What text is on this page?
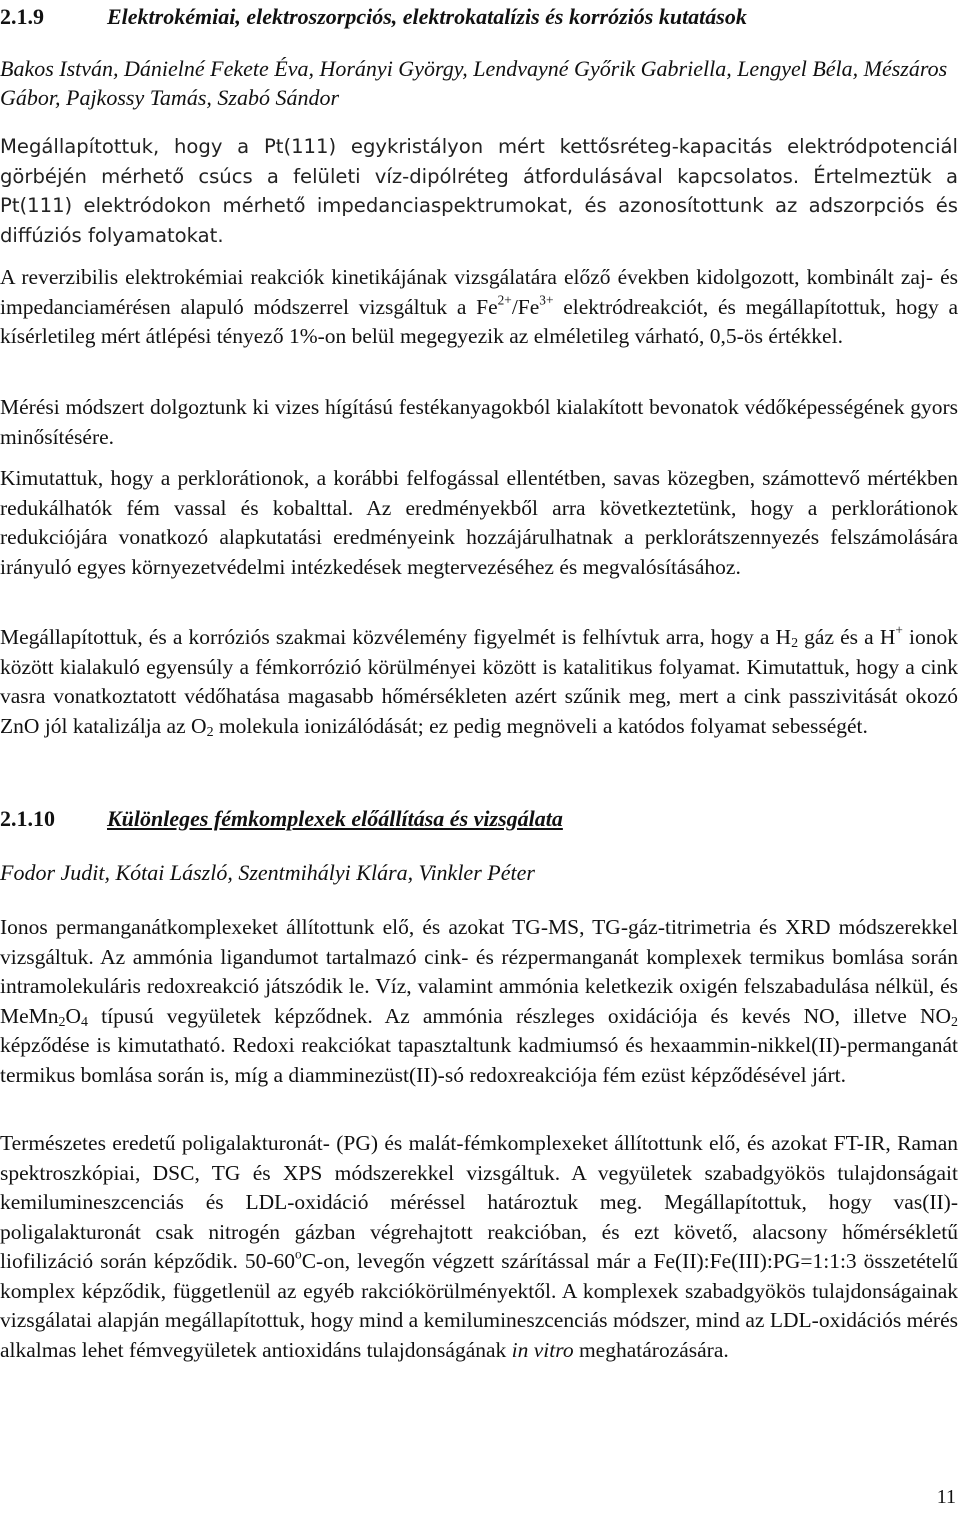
2.1.9	Elektrokémiai, elektroszorpciós, elektrokatalízis és korróziós kutatások
Bakos István, Dánielné Fekete Éva, Horányi György, Lendvayné Győrik Gabriella, Lengyel Béla, Mészáros Gábor, Pajkossy Tamás, Szabó Sándor
Megállapítottuk, hogy a Pt(111) egykristályon mért kettősréteg-kapacitás elektródpotenciál görbéjén mérhető csúcs a felületi víz-dipólréteg átfordulásával kapcsolatos. Értelmeztük a Pt(111) elektródokon mérhető impedanciaspektrumokat, és azonosítottunk az adszorpciós és diffúziós folyamatokat.
A reverzibilis elektrokémiai reakciók kinetikájának vizsgálatára előző években kidolgozott, kombinált zaj- és impedanciamérésen alapuló módszerrel vizsgáltuk a $Fe^{2+}/Fe^{3+}$ elektródreakciót, és megállapítottuk, hogy a kísérletileg mért átlépési tényező 1%-on belül megegyezik az elméletileg várható, 0,5-ös értékkel.
Mérési módszert dolgoztunk ki vizes hígítású festékanyagokból kialakított bevonatok védőképességének gyors minősítésére.
Kimutattuk, hogy a perklorátionok, a korábbi felfogással ellentétben, savas közegben, számottevő mértékben redukálhatók fém vassal és kobalttal. Az eredményekből arra következtetünk, hogy a perklorátionok redukciójára vonatkozó alapkutatási eredményeink hozzájárulhatnak a perklorátszennyezés felszámolására irányuló egyes környezetvédelmi intézkedések megtervezéséhez és megvalósításához.
Megállapítottuk, és a korróziós szakmai közvélemény figyelmét is felhívtuk arra, hogy a $H_2$ gáz és a H+ ionok között kialakuló egyensúly a fémkorrózió körülményei között is katalitikus folyamat. Kimutattuk, hogy a cink vasra vonatkoztatott védőhatása magasabb hőmérsékleten azért szűnik meg, mert a cink passzivitását okozó ZnO jól katalizálja az $O_2$ molekula ionizálódását; ez pedig megnöveli a katódos folyamat sebességét.
2.1.10 Különleges fémkomplexek előállítása és vizsgálata
Fodor Judit, Kótai László, Szentmihályi Klára, Vinkler Péter
Ionos permanganátkomplexeket állítottunk elő, és azokat TG-MS, TG-gáz-titrimetria és XRD módszerekkel vizsgáltuk. Az ammónia ligandumot tartalmazó cink- és rézpermanganát komplexek termikus bomlása során intramolekuláris redoxreakció játszódik le. Víz, valamint ammónia keletkezik oxigén felszabadulása nélkül, és $MeMn_2O_4$ típusú vegyületek képződnek. Az ammónia részleges oxidációja és kevés NO, illetve $NO_2$ képződése is kimutatható. Redoxi reakciókat tapasztaltunk kadmiumsó és hexaammin-nikkel(II)-permanganát termikus bomlása során is, míg a diamminezüst(II)-só redoxreakciója fém ezüst képződésével járt.
Természetes eredetű poligalakturonát- (PG) és malát-fémkomplexeket állítottunk elő, és azokat FT-IR, Raman spektroszkópiai, DSC, TG és XPS módszerekkel vizsgáltuk. A vegyületek szabadgyökös tulajdonságait kemilumineszcenciás és LDL-oxidáció méréssel határoztuk meg. Megállapítottuk, hogy vas(II)-poligalakturonát csak nitrogén gázban végrehajtott reakcióban, és ezt követő, alacsony hőmérsékletű liofilizáció során képződik. 50-60$^o$C-on, levegőn végzett szárítással már a Fe(II):Fe(III):PG=1:1:3 összetételű komplex képződik, függetlenül az egyéb rakciókörülményektől. A komplexek szabadgyökös tulajdonságainak vizsgálatai alapján megállapítottuk, hogy mind a kemilumineszcenciás módszer, mind az LDL-oxidációs mérés alkalmas lehet fémvegyületek antioxidáns tulajdonságának in vitro meghatározására.
11
